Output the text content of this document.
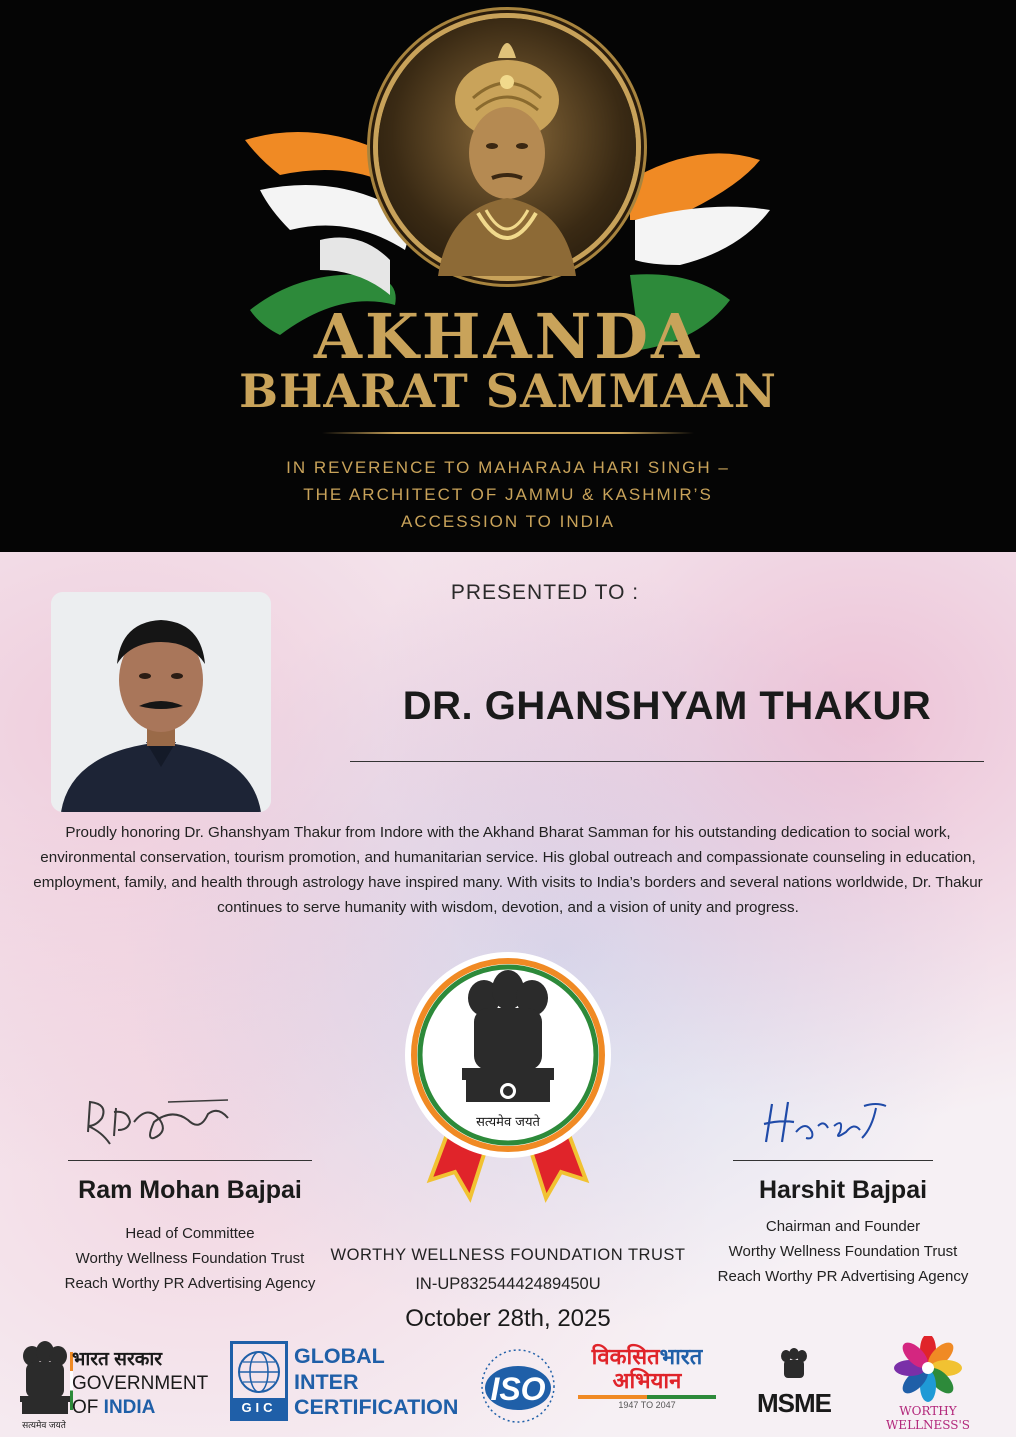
AKHANDA
BHARAT SAMMAAN
IN REVERENCE TO MAHARAJA HARI SINGH –
THE ARCHITECT OF JAMMU & KASHMIR’S
ACCESSION TO INDIA
PRESENTED TO :
DR. GHANSHYAM THAKUR
Proudly honoring Dr. Ghanshyam Thakur from Indore with the Akhand Bharat Samman for his outstanding dedication to social work, environmental conservation, tourism promotion, and humanitarian service. His global outreach and compassionate counseling in education, employment, family, and health through astrology have inspired many. With visits to India’s borders and several nations worldwide, Dr. Thakur continues to serve humanity with wisdom, devotion, and a vision of unity and progress.
सत्यमेव जयते
Ram Mohan Bajpai
Head of Committee
Worthy Wellness Foundation Trust
Reach Worthy PR Advertising Agency
Harshit Bajpai
Chairman and Founder
Worthy Wellness Foundation Trust
Reach Worthy PR Advertising Agency
WORTHY WELLNESS FOUNDATION TRUST
IN-UP83254442489450U
October 28th, 2025
सत्यमेव जयते
भारत सरकार
GOVERNMENT
OF INDIA	GIC
GLOBAL
INTER
CERTIFICATION ISO
विकसितभारत
अभियान
1947 TO 2047	MSME	WORTHY WELLNESS'S
